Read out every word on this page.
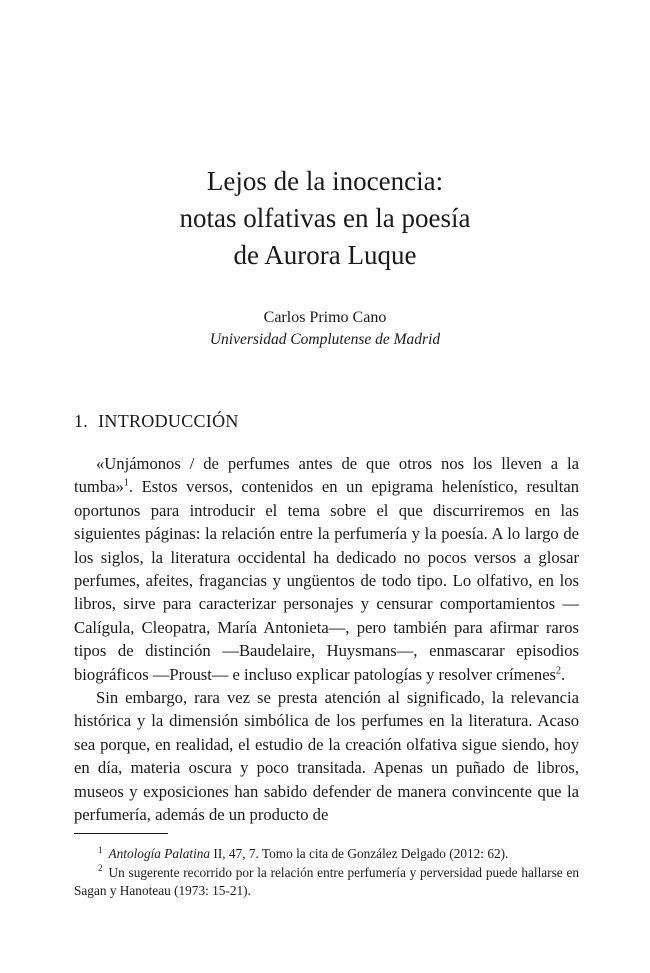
Lejos de la inocencia:
notas olfativas en la poesía
de Aurora Luque
Carlos Primo Cano
Universidad Complutense de Madrid
1. INTRODUCCIÓN

«Unjámonos / de perfumes antes de que otros nos los lleven a la tumba»$^1$. Estos versos, contenidos en un epigrama helenístico, resultan oportunos para introducir el tema sobre el que discurriremos en las siguientes páginas: la relación entre la perfumería y la poesía. A lo largo de los siglos, la literatura occidental ha dedicado no pocos versos a glosar perfumes, afeites, fragancias y ungüentos de todo tipo. Lo olfativo, en los libros, sirve para caracterizar personajes y censurar comportamientos —Calígula, Cleopatra, María Antonieta—, pero también para afirmar raros tipos de distinción —Baudelaire, Huysmans—, enmascarar episodios biográficos —Proust— e incluso explicar patologías y resolver crímenes$^2$.

Sin embargo, rara vez se presta atención al significado, la relevancia histórica y la dimensión simbólica de los perfumes en la literatura. Acaso sea porque, en realidad, el estudio de la creación olfativa sigue siendo, hoy en día, materia oscura y poco transitada. Apenas un puñado de libros, museos y exposiciones han sabido defender de manera convincente que la perfumería, además de un producto de

$^1$ Antología Palatina II, 47, 7. Tomo la cita de González Delgado (2012: 62).

$^2$ Un sugerente recorrido por la relación entre perfumería y perversidad puede hallarse en Sagan y Hanoteau (1973: 15-21).
